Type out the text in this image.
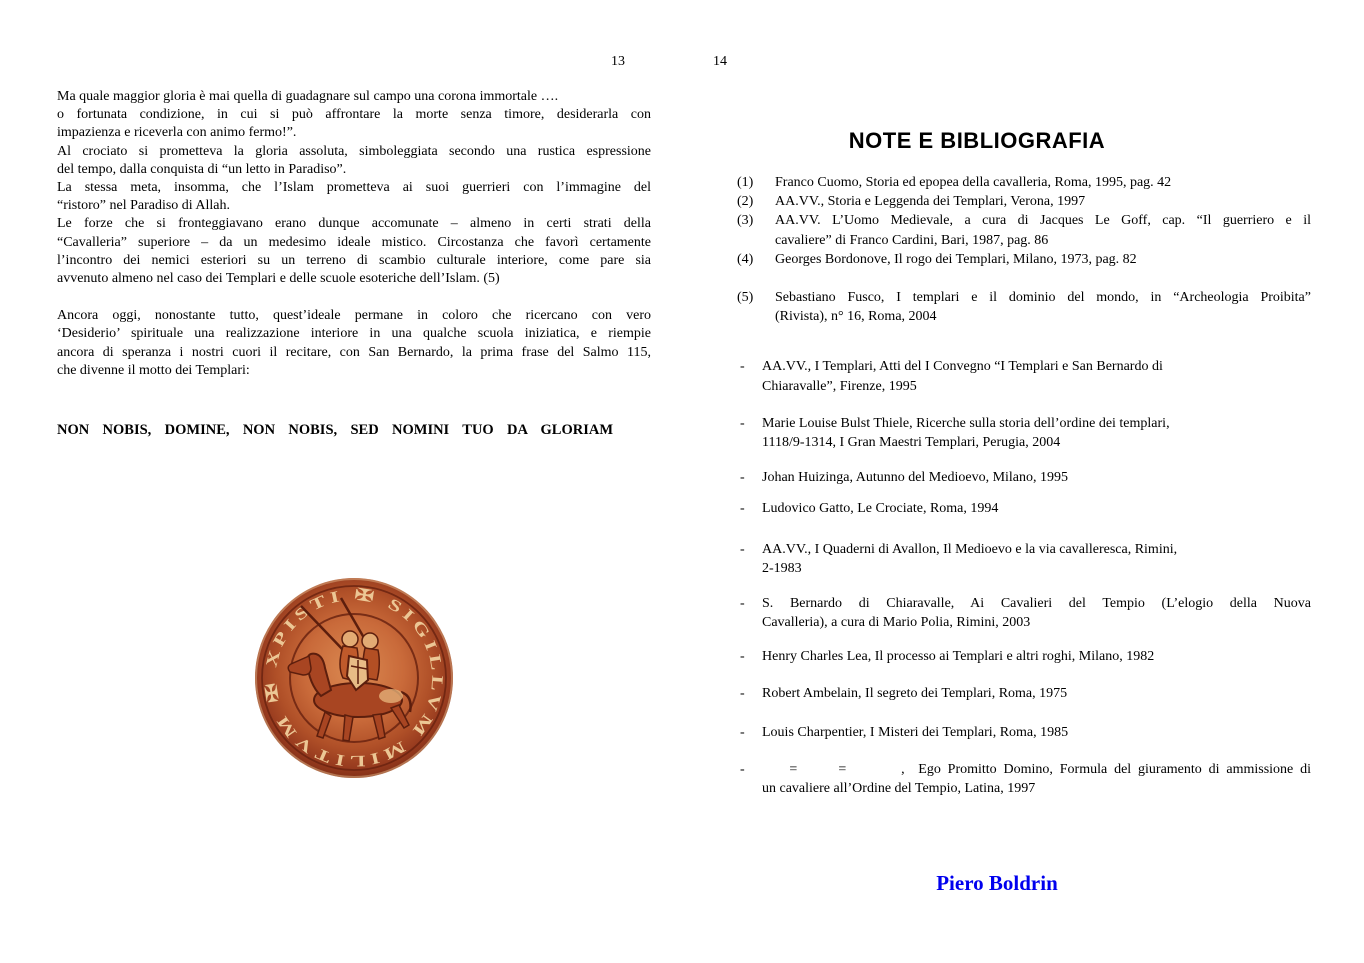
13	14
Ma quale maggior gloria è mai quella di guadagnare sul campo una corona immortale ….
o fortunata condizione, in cui si può affrontare la morte senza timore, desiderarla con
impazienza e riceverla con animo fermo!”.
Al crociato si prometteva la gloria assoluta, simboleggiata secondo una rustica espressione
del tempo, dalla conquista di “un letto in Paradiso”.
La stessa meta, insomma, che l’Islam prometteva ai suoi guerrieri con l’immagine del
“ristoro” nel Paradiso di Allah.
Le forze che si fronteggiavano erano dunque accomunate – almeno in certi strati della
“Cavalleria” superiore – da un medesimo ideale mistico. Circostanza che favorì certamente
l’incontro dei nemici esteriori su un terreno di scambio culturale interiore, come pare sia
avvenuto almeno nel caso dei Templari e delle scuole esoteriche dell’Islam. (5)
Ancora oggi, nonostante tutto, quest’ideale permane in coloro che ricercano con vero
‘Desiderio’ spirituale una realizzazione interiore in una qualche scuola iniziatica, e riempie
ancora di speranza i nostri cuori il recitare, con San Bernardo, la prima frase del Salmo 115,
che divenne il motto dei Templari:
NON NOBIS, DOMINE, NON NOBIS, SED NOMINI TUO DA GLORIAM
✠ SIGILLVM MILITVM ✠ XPISTI
NOTE E BIBLIOGRAFIA
(1)	Franco Cuomo, Storia ed epopea della cavalleria, Roma, 1995, pag. 42
(2)	AA.VV., Storia e Leggenda dei Templari, Verona, 1997
(3)	AA.VV. L’Uomo Medievale, a cura di Jacques Le Goff, cap. “Il guerriero e il
cavaliere” di Franco Cardini, Bari, 1987, pag. 86
(4)	Georges Bordonove, Il rogo dei Templari, Milano, 1973, pag. 82
(5)	Sebastiano Fusco, I templari e il dominio del mondo, in “Archeologia Proibita”
(Rivista), n° 16, Roma, 2004
-	AA.VV., I Templari, Atti del I Convegno “I Templari e San Bernardo di
Chiaravalle”, Firenze, 1995
-	Marie Louise Bulst Thiele, Ricerche sulla storia dell’ordine dei templari,
1118/9-1314, I Gran Maestri Templari, Perugia, 2004
-	Johan Huizinga, Autunno del Medioevo, Milano, 1995
-	Ludovico Gatto, Le Crociate, Roma, 1994
-	AA.VV., I Quaderni di Avallon, Il Medioevo e la via cavalleresca, Rimini,
2-1983
-	S. Bernardo di Chiaravalle, Ai Cavalieri del Tempio (L’elogio della Nuova
Cavalleria), a cura di Mario Polia, Rimini, 2003
-	Henry Charles Lea, Il processo ai Templari e altri roghi, Milano, 1982
-	Robert Ambelain, Il segreto dei Templari, Roma, 1975
-	Louis Charpentier, I Misteri dei Templari, Roma, 1985
-	=      =        ,  Ego Promitto Domino, Formula del giuramento di ammissione di
un cavaliere all’Ordine del Tempio, Latina, 1997
Piero Boldrin
